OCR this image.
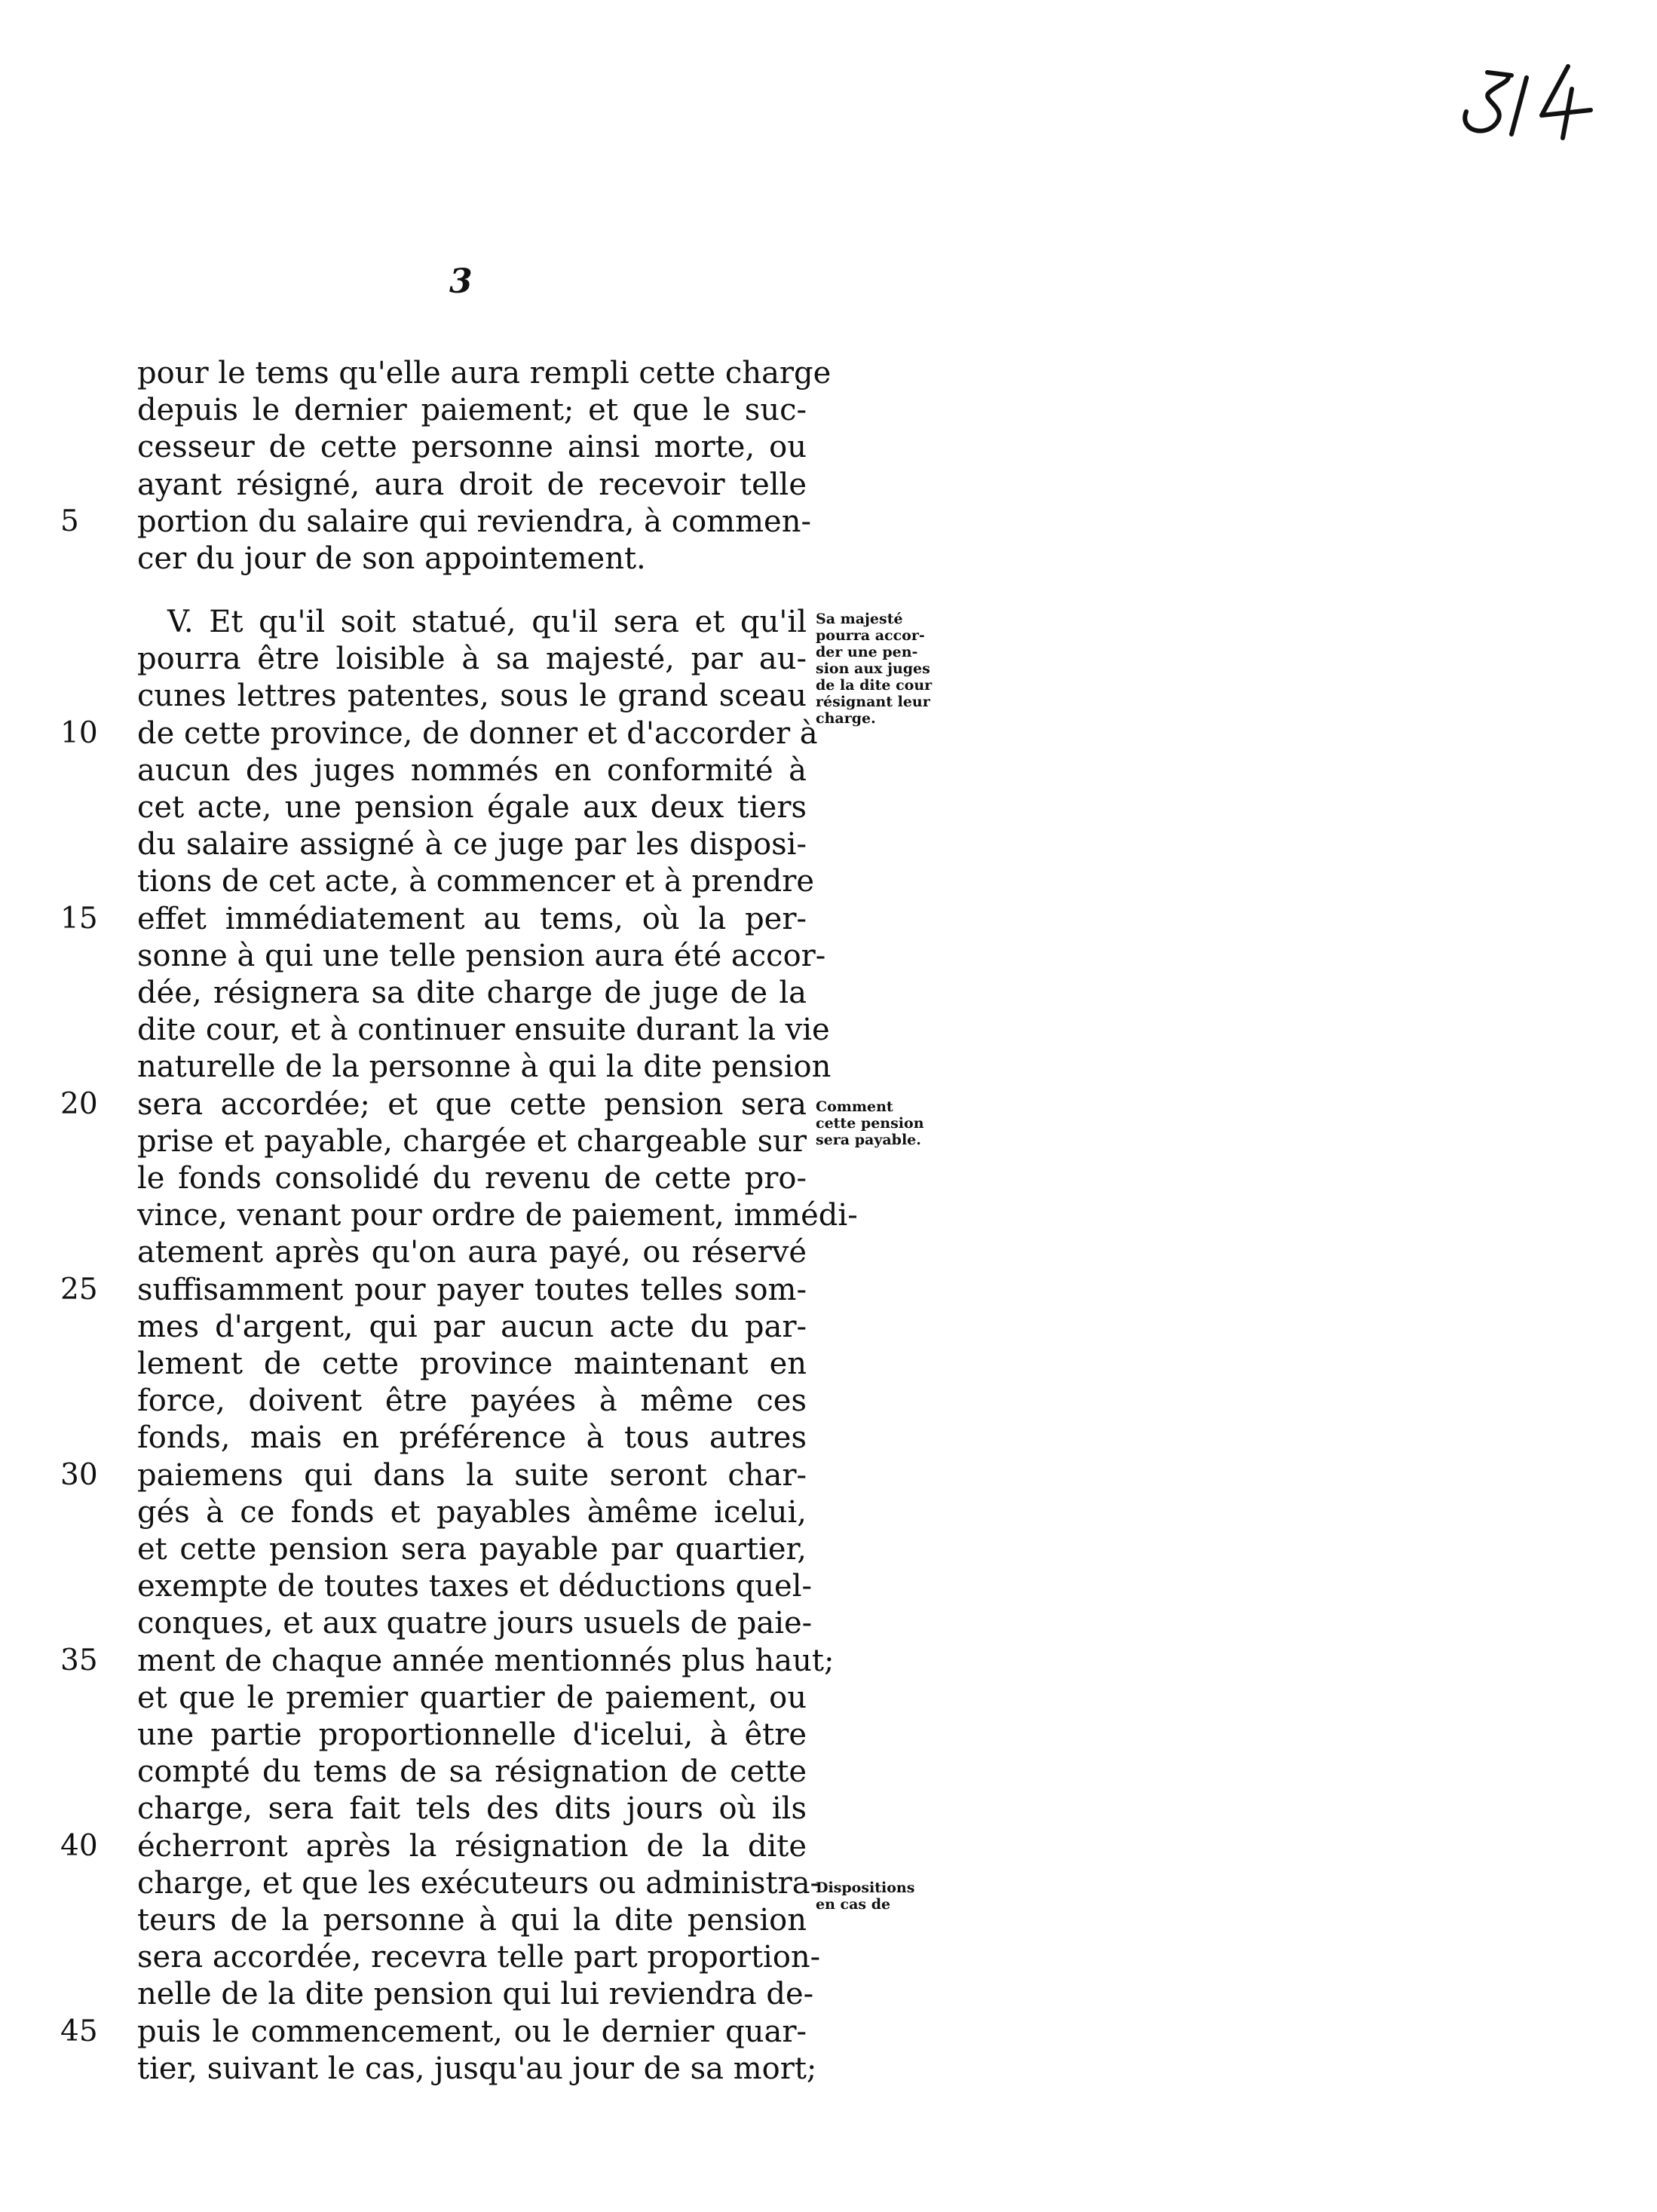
3
pour le tems qu'elle aura rempli cette charge
depuis le dernier paiement; et que le suc-
cesseur de cette personne ainsi morte, ou
ayant résigné, aura droit de recevoir telle
5	portion du salaire qui reviendra, à commen-
cer du jour de son appointement.
V. Et qu'il soit statué, qu'il sera et qu'il
pourra être loisible à sa majesté, par au-
cunes lettres patentes, sous le grand sceau
10	de cette province, de donner et d'accorder à
aucun des juges nommés en conformité à
cet acte, une pension égale aux deux tiers
du salaire assigné à ce juge par les disposi-
tions de cet acte, à commencer et à prendre
15	effet immédiatement au tems, où la per-
sonne à qui une telle pension aura été accor-
dée, résignera sa dite charge de juge de la
dite cour, et à continuer ensuite durant la vie
naturelle de la personne à qui la dite pension
20	sera accordée; et que cette pension sera
prise et payable, chargée et chargeable sur
le fonds consolidé du revenu de cette pro-
vince, venant pour ordre de paiement, immédi-
atement après qu'on aura payé, ou réservé
25	suffisamment pour payer toutes telles som-
mes d'argent, qui par aucun acte du par-
lement de cette province maintenant en
force, doivent être payées à même ces
fonds, mais en préférence à tous autres
30	paiemens qui dans la suite seront char-
gés à ce fonds et payables àmême icelui,
et cette pension sera payable par quartier,
exempte de toutes taxes et déductions quel-
conques, et aux quatre jours usuels de paie-
35	ment de chaque année mentionnés plus haut;
et que le premier quartier de paiement, ou
une partie proportionnelle d'icelui, à être
compté du tems de sa résignation de cette
charge, sera fait tels des dits jours où ils
40	écherront après la résignation de la dite
charge, et que les exécuteurs ou administra-
teurs de la personne à qui la dite pension
sera accordée, recevra telle part proportion-
nelle de la dite pension qui lui reviendra de-
45	puis le commencement, ou le dernier quar-
tier, suivant le cas, jusqu'au jour de sa mort;
Sa majesté
pourra accor-
der une pen-
sion aux juges
de la dite cour
résignant leur
charge.
Comment
cette pension
sera payable.
Dispositions
en cas de
